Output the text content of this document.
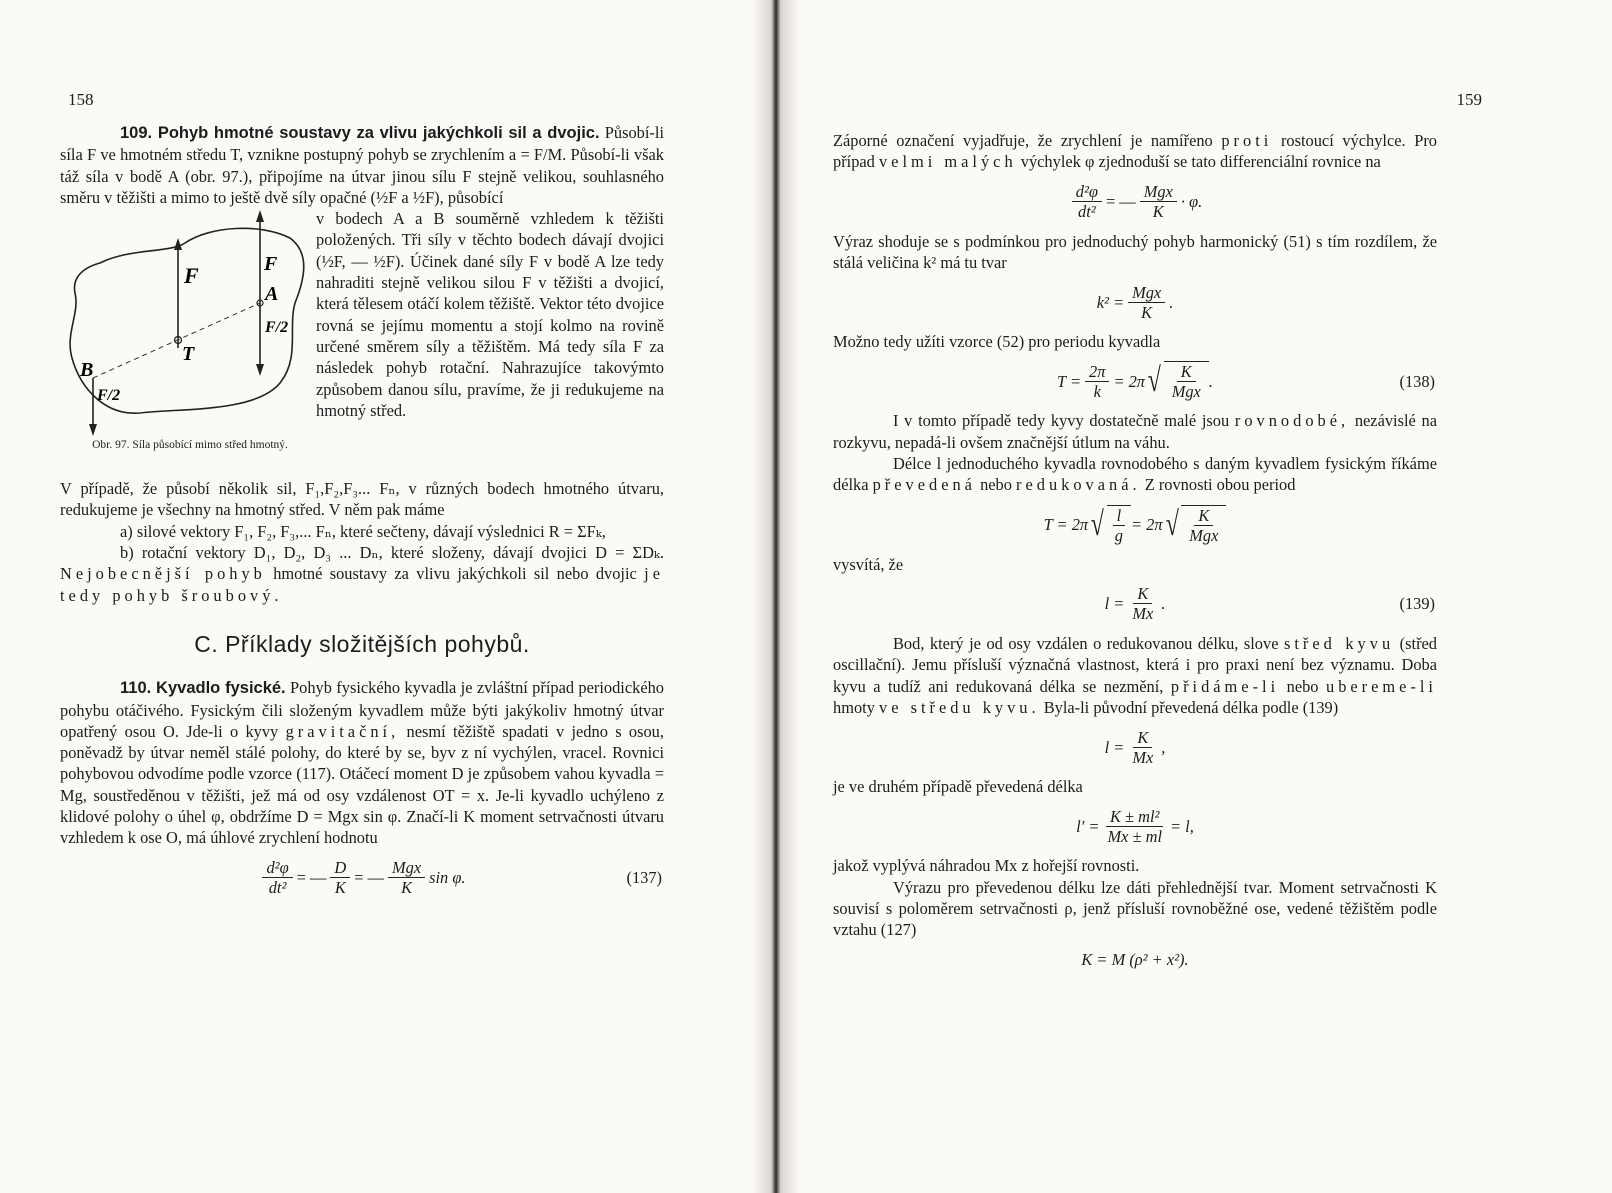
158

109. Pohyb hmotné soustavy za vlivu jakýchkoli sil a dvojic. Působí-li síla F ve hmotném středu T, vznikne postupný pohyb se zrychlením a = F/M. Působí-li však táž síla v bodě A (obr. 97.), připojíme na útvar jinou sílu F stejně velikou, souhlasného směru v těžišti a mimo to ještě dvě síly opačné (½F a ½F), působící

F	F
A
F/2
T
B
F/2
Obr. 97. Síla působící mimo střed hmotný.
v bodech A a B souměrně vzhledem k těžišti položených. Tři síly v těchto bodech dávají dvojici (½F, — ½F). Účinek dané síly F v bodě A lze tedy nahraditi stejně velikou silou F v těžišti a dvojicí, která tělesem otáčí kolem těžiště. Vektor této dvojice rovná se jejímu momentu a stojí kolmo na rovině určené směrem síly a těžištěm. Má tedy síla F za následek pohyb rotační. Nahrazujíce takovýmto způsobem danou sílu, pravíme, že ji redukujeme na hmotný střed.

V případě, že působí několik sil, F₁,F₂,F₃... Fₙ, v různých bodech hmotného útvaru, redukujeme je všechny na hmotný střed. V něm pak máme

a) silové vektory F₁, F₂, F₃,... Fₙ, které sečteny, dávají výslednici R = ΣFₖ,

b) rotační vektory D₁, D₂, D₃ ... Dₙ, které složeny, dávají dvojici D = ΣDₖ. Nejobecnější pohyb hmotné soustavy za vlivu jakýchkoli sil nebo dvojic je tedy pohyb šroubový.

C. Příklady složitějších pohybů.

110. Kyvadlo fysické. Pohyb fysického kyvadla je zvláštní případ periodického pohybu otáčivého. Fysickým čili složeným kyvadlem může býti jakýkoliv hmotný útvar opatřený osou O. Jde-li o kyvy gravitační, nesmí těžiště spadati v jedno s osou, poněvadž by útvar neměl stálé polohy, do které by se, byv z ní vychýlen, vracel. Rovnici pohybovou odvodíme podle vzorce (117). Otáčecí moment D je způsobem vahou kyvadla = Mg, soustředěnou v těžišti, jež má od osy vzdálenost OT = x. Je-li kyvadlo uchýleno z klidové polohy o úhel φ, obdržíme D = Mgx sin φ. Značí-li K moment setrvačnosti útvaru vzhledem k ose O, má úhlové zrychlení hodnotu

$\frac{\text{d²φ}}{\text{dt²}}$ = — $\frac{D}{K}$ = — $\frac{\text{Mgx}}{K}$ sin φ.	(137)
159

Záporné označení vyjadřuje, že zrychlení je namířeno proti rostoucí výchylce. Pro případ velmi malých výchylek φ zjednoduší se tato differenciální rovnice na

$\frac{\text{d²φ}}{\text{dt²}}$ = — $\frac{\text{Mgx}}{K} \cdot \varphi$.

Výraz shoduje se s podmínkou pro jednoduchý pohyb harmonický (51) s tím rozdílem, že stálá veličina k² má tu tvar

$k^2 = \frac{\text{Mgx}}{K}$ .

Možno tedy užíti vzorce (52) pro periodu kyvadla

$T = \frac{2\pi}{k} = 2\pi$ √ $\frac{K}{\text{Mgx}}$ .	(138)

I v tomto případě tedy kyvy dostatečně malé jsou rovnodobé, nezávislé na rozkyvu, nepadá-li ovšem značnější útlum na váhu.

Délce l jednoduchého kyvadla rovnodobého s daným kyvadlem fysickým říkáme délka převedená nebo redukovaná. Z rovnosti obou period

T = 2π √ $\frac{l}{g} = 2\pi$ √ $\frac{K}{\text{Mgx}}$

vysvítá, že

$l = \frac{K}{Mx}$ .	(139)

Bod, který je od osy vzdálen o redukovanou délku, slove střed kyvu (střed oscillační). Jemu přísluší význačná vlastnost, která i pro praxi není bez významu. Doba kyvu a tudíž ani redukovaná délka se nezmění, přidáme-li nebo ubereme-li hmoty ve středu kyvu. Byla-li původní převedená délka podle (139)

$l = \frac{K}{Mx}$ ,

je ve druhém případě převedená délka

$l' = \frac{\text{K ± ml²}}{Mx \pm ml} = l$,

jakož vyplývá náhradou Mx z hořejší rovnosti.

Výrazu pro převedenou délku lze dáti přehlednější tvar. Moment setrvačnosti K souvisí s poloměrem setrvačnosti ρ, jenž přísluší rovnoběžné ose, vedené těžištěm podle vztahu (127)

K = M (ρ² + x²).
